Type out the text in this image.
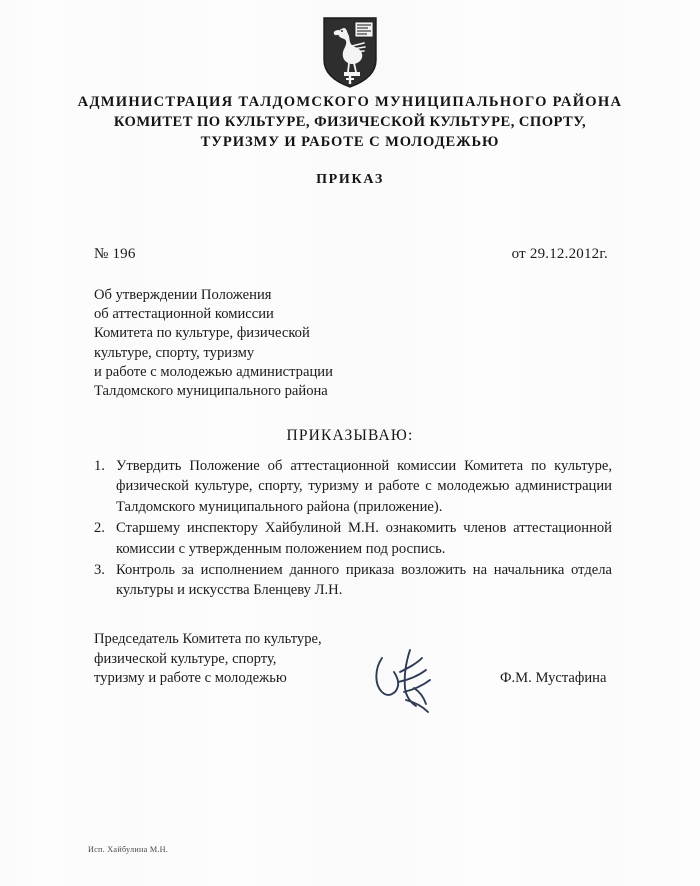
АДМИНИСТРАЦИЯ ТАЛДОМСКОГО МУНИЦИПАЛЬНОГО РАЙОНА
КОМИТЕТ ПО КУЛЬТУРЕ, ФИЗИЧЕСКОЙ КУЛЬТУРЕ, СПОРТУ,
ТУРИЗМУ И РАБОТЕ С МОЛОДЕЖЬЮ
ПРИКАЗ
№ 196	от 29.12.2012г.
Об утверждении Положения
об аттестационной комиссии
Комитета по культуре, физической
культуре, спорту, туризму
и работе с молодежью администрации
Талдомского муниципального района
ПРИКАЗЫВАЮ:
1. Утвердить Положение об аттестационной комиссии Комитета по культуре, физической культуре, спорту, туризму и работе с молодежью администрации Талдомского муниципального района (приложение).
2. Старшему инспектору Хайбулиной М.Н. ознакомить членов аттестационной комиссии с утвержденным положением под роспись.
3. Контроль за исполнением данного приказа возложить на начальника отдела культуры и искусства Бленцеву Л.Н.
Председатель Комитета по культуре,
физической культуре, спорту,
туризму и работе с молодежью	Ф.М. Мустафина
Исп. Хайбулина М.Н.
